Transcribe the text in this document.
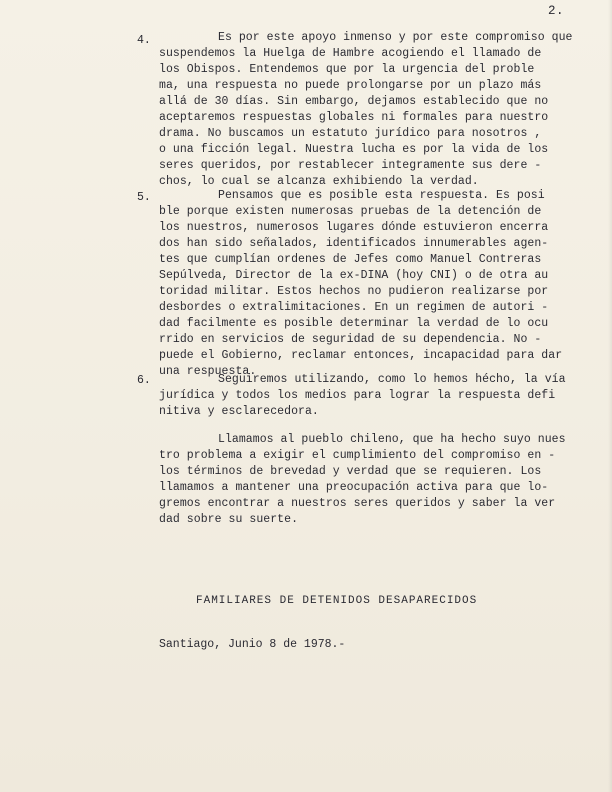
2.
4.	Es por este apoyo inmenso y por este compromiso que
suspendemos la Huelga de Hambre acogiendo el llamado de
los Obispos. Entendemos que por la urgencia del proble
ma, una respuesta no puede prolongarse por un plazo más
allá de 30 días. Sin embargo, dejamos establecido que no
aceptaremos respuestas globales ni formales para nuestro
drama. No buscamos un estatuto jurídico para nosotros ,
o una ficción legal. Nuestra lucha es por la vida de los
seres queridos, por restablecer integramente sus dere -
chos, lo cual se alcanza exhibiendo la verdad.
5.	Pensamos que es posible esta respuesta. Es posi
ble porque existen numerosas pruebas de la detención de
los nuestros, numerosos lugares dónde estuvieron encerra
dos han sido señalados, identificados innumerables agen-
tes que cumplían ordenes de Jefes como Manuel Contreras
Sepúlveda, Director de la ex-DINA (hoy CNI) o de otra au
toridad militar. Estos hechos no pudieron realizarse por
desbordes o extralimitaciones. En un regimen de autori -
dad facilmente es posible determinar la verdad de lo ocu
rrido en servicios de seguridad de su dependencia. No -
puede el Gobierno, reclamar entonces, incapacidad para dar
una respuesta.
6.	Seguiremos utilizando, como lo hemos hécho, la vía
jurídica y todos los medios para lograr la respuesta defi
nitiva y esclarecedora.
Llamamos al pueblo chileno, que ha hecho suyo nues
tro problema a exigir el cumplimiento del compromiso en -
los términos de brevedad y verdad que se requieren. Los
llamamos a mantener una preocupación activa para que lo-
gremos encontrar a nuestros seres queridos y saber la ver
dad sobre su suerte.
FAMILIARES DE DETENIDOS DESAPARECIDOS
Santiago, Junio 8 de 1978.-
